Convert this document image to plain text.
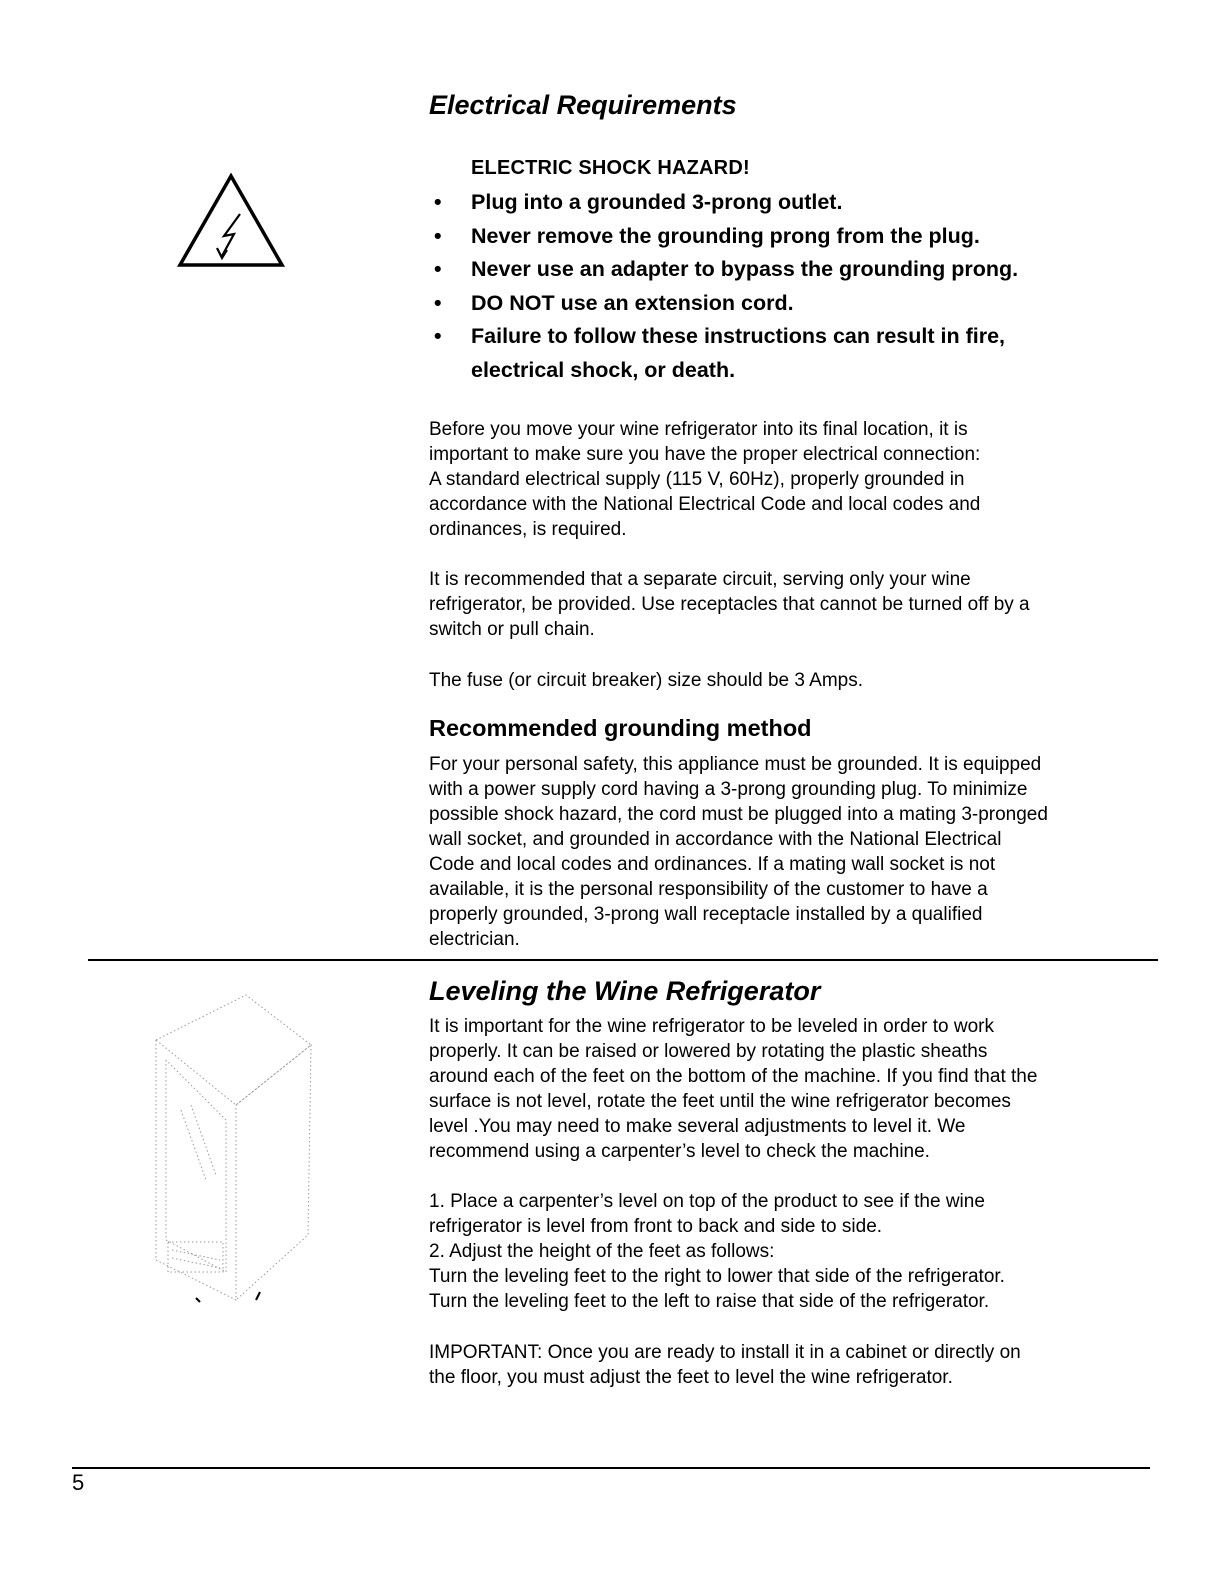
Electrical Requirements
ELECTRIC SHOCK HAZARD!
• Plug into a grounded 3-prong outlet.
• Never remove the grounding prong from the plug.
• Never use an adapter to bypass the grounding prong.
• DO NOT use an extension cord.
• Failure to follow these instructions can result in fire, electrical shock, or death.
Before you move your wine refrigerator into its final location, it is
important to make sure you have the proper electrical connection:
A standard electrical supply (115 V, 60Hz), properly grounded in
accordance with the National Electrical Code and local codes and
ordinances, is required.
It is recommended that a separate circuit, serving only your wine
refrigerator, be provided. Use receptacles that cannot be turned off by a
switch or pull chain.
The fuse (or circuit breaker) size should be 3 Amps.
Recommended grounding method
For your personal safety, this appliance must be grounded. It is equipped
with a power supply cord having a 3-prong grounding plug. To minimize
possible shock hazard, the cord must be plugged into a mating 3-pronged
wall socket, and grounded in accordance with the National Electrical
Code and local codes and ordinances. If a mating wall socket is not
available, it is the personal responsibility of the customer to have a
properly grounded, 3-prong wall receptacle installed by a qualified
electrician.
Leveling the Wine Refrigerator
It is important for the wine refrigerator to be leveled in order to work
properly. It can be raised or lowered by rotating the plastic sheaths
around each of the feet on the bottom of the machine. If you find that the
surface is not level, rotate the feet until the wine refrigerator becomes
level .You may need to make several adjustments to level it. We
recommend using a carpenter’s level to check the machine.
1. Place a carpenter’s level on top of the product to see if the wine
refrigerator is level from front to back and side to side.
2. Adjust the height of the feet as follows:
Turn the leveling feet to the right to lower that side of the refrigerator.
Turn the leveling feet to the left to raise that side of the refrigerator.
IMPORTANT: Once you are ready to install it in a cabinet or directly on
the floor, you must adjust the feet to level the wine refrigerator.
5
